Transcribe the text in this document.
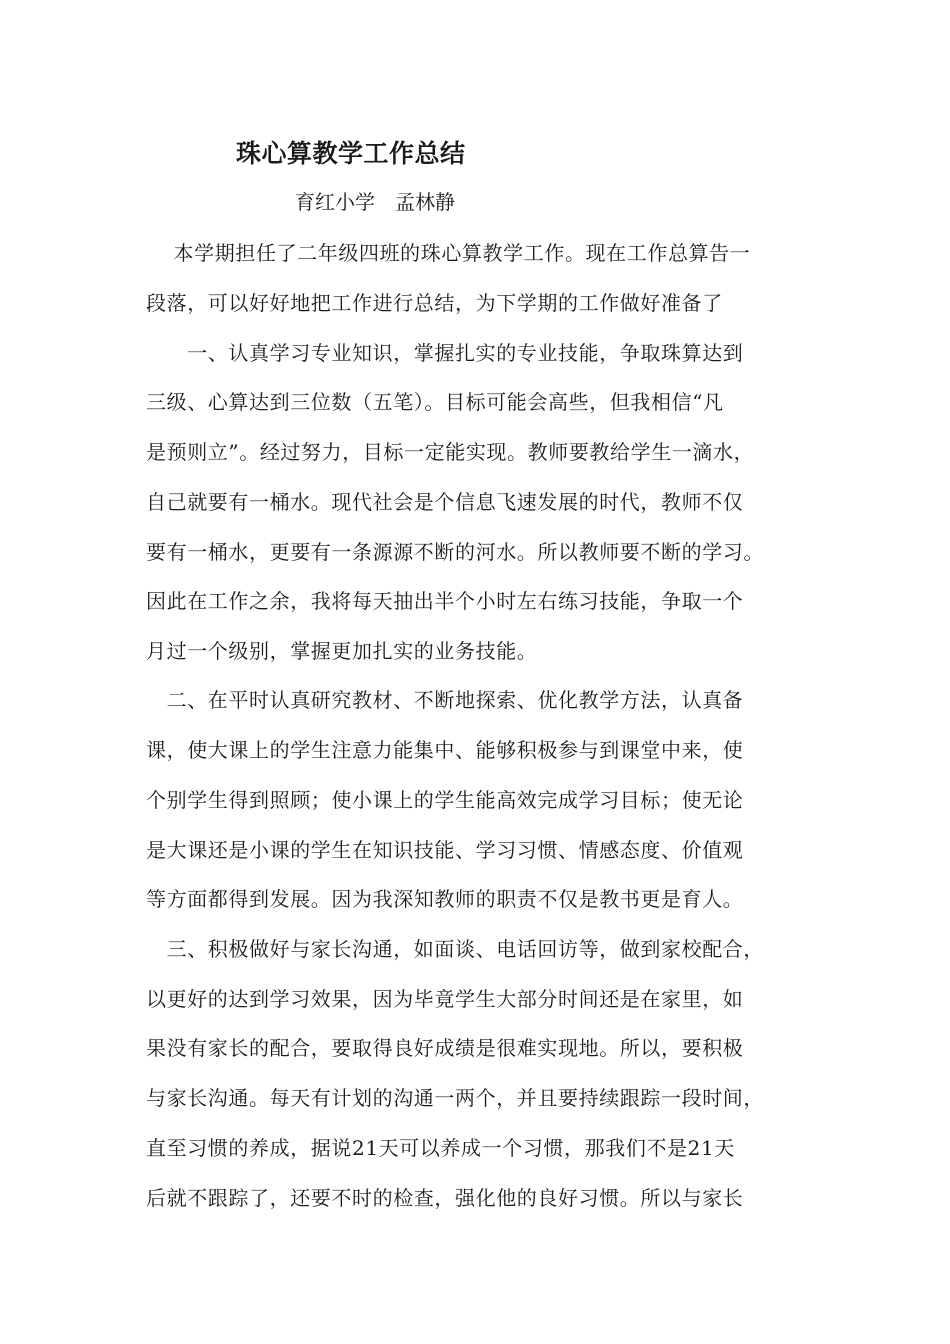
珠心算教学工作总结

育红小学　孟林静

　 本学期担任了二年级四班的珠心算教学工作。现在工作总算告一

段落，可以好好地把工作进行总结，为下学期的工作做好准备了

　　一、认真学习专业知识，掌握扎实的专业技能，争取珠算达到

三级、心算达到三位数（五笔）。目标可能会高些，但我相信“凡

是预则立”。经过努力，目标一定能实现。教师要教给学生一滴水，

自己就要有一桶水。现代社会是个信息飞速发展的时代，教师不仅

要有一桶水，更要有一条源源不断的河水。所以教师要不断的学习。

因此在工作之余，我将每天抽出半个小时左右练习技能，争取一个

月过一个级别，掌握更加扎实的业务技能。

　二、在平时认真研究教材、不断地探索、优化教学方法，认真备

课，使大课上的学生注意力能集中、能够积极参与到课堂中来，使

个别学生得到照顾；使小课上的学生能高效完成学习目标；使无论

是大课还是小课的学生在知识技能、学习习惯、情感态度、价值观

等方面都得到发展。因为我深知教师的职责不仅是教书更是育人。

　三、积极做好与家长沟通，如面谈、电话回访等，做到家校配合，

以更好的达到学习效果，因为毕竟学生大部分时间还是在家里，如

果没有家长的配合，要取得良好成绩是很难实现地。所以，要积极

与家长沟通。每天有计划的沟通一两个，并且要持续跟踪一段时间，

直至习惯的养成，据说21天可以养成一个习惯，那我们不是21天

后就不跟踪了，还要不时的检查，强化他的良好习惯。所以与家长
